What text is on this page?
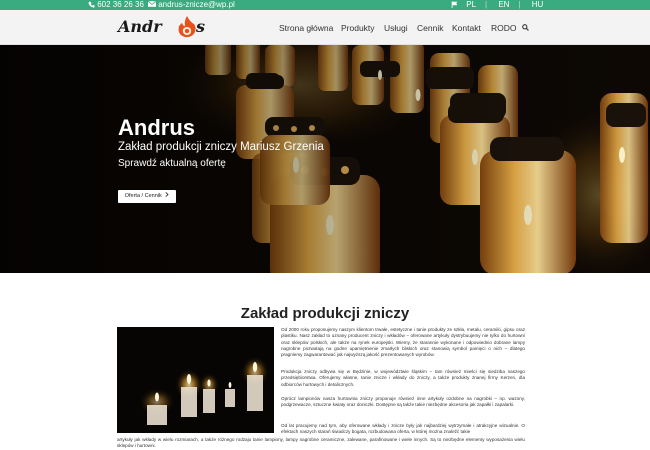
602 36 26 36	andrus-znicze@wp.pl	PL | EN | HU
Andr s	Strona główna Produkty Usługi Cennik Kontakt RODO
Andrus
Zakład produkcji zniczy Mariusz Grzenia
Sprawdź aktualną ofertę
Oferta / Cennik
Zakład produkcji zniczy
Od 2000 roku proponujemy naszym klientom trwałe, estetyczne i tanie produkty ze szkła, metalu, ceramiki, gipsu oraz plastiku. Nasz zakład to uznany producent zniczy i wkładów – oferowane artykuły dystrybuujemy nie tylko do hurtowni oraz sklepów polskich, ale także na rynek europejski. Wiemy, że starannie wykonane i odpowiednio dobrane lampy nagrobne pozwalają na godne upamiętnienie zmarłych bliskich oraz stanowią symbol pamięci o nich – dlatego pragniemy zagwarantować jak najwyższą jakość prezentowanych wyrobów.
Produkcja zniczy odbywa się w Będzinie, w województwie śląskim – tam również mieści się siedziba naszego przedsiębiorstwa. Oferujemy własne, tanie znicze i wkłady do zniczy, a także produkty znanej firmy Kerzen, dla odbiorców hurtowych i detalicznych.
Oprócz lampionów nasza hurtownia zniczy proponuje również inne artykuły ozdobne na nagrobki – np. wazony, podgrzewacze, sztuczne kwiaty oraz doniczki. Dostępne są także takie niezbędne akcesoria jak zapałki i zapalarki.
Od lat pracujemy nad tym, aby oferowane wkłady i znicze były jak najbardziej wytrzymałe i atrakcyjne wizualnie. O efektach naszych starań świadczy bogata, rozbudowana oferta, w której można znaleźć takie
artykuły jak wkłady w wielu rozmiarach, a także różnego rodzaju tanie lampiony, lampy nagrobne ceramiczne, zalewane, parafinowane i wiele innych. Są to niezbędne elementy wyposażenia wielu sklepów i hurtowni.
